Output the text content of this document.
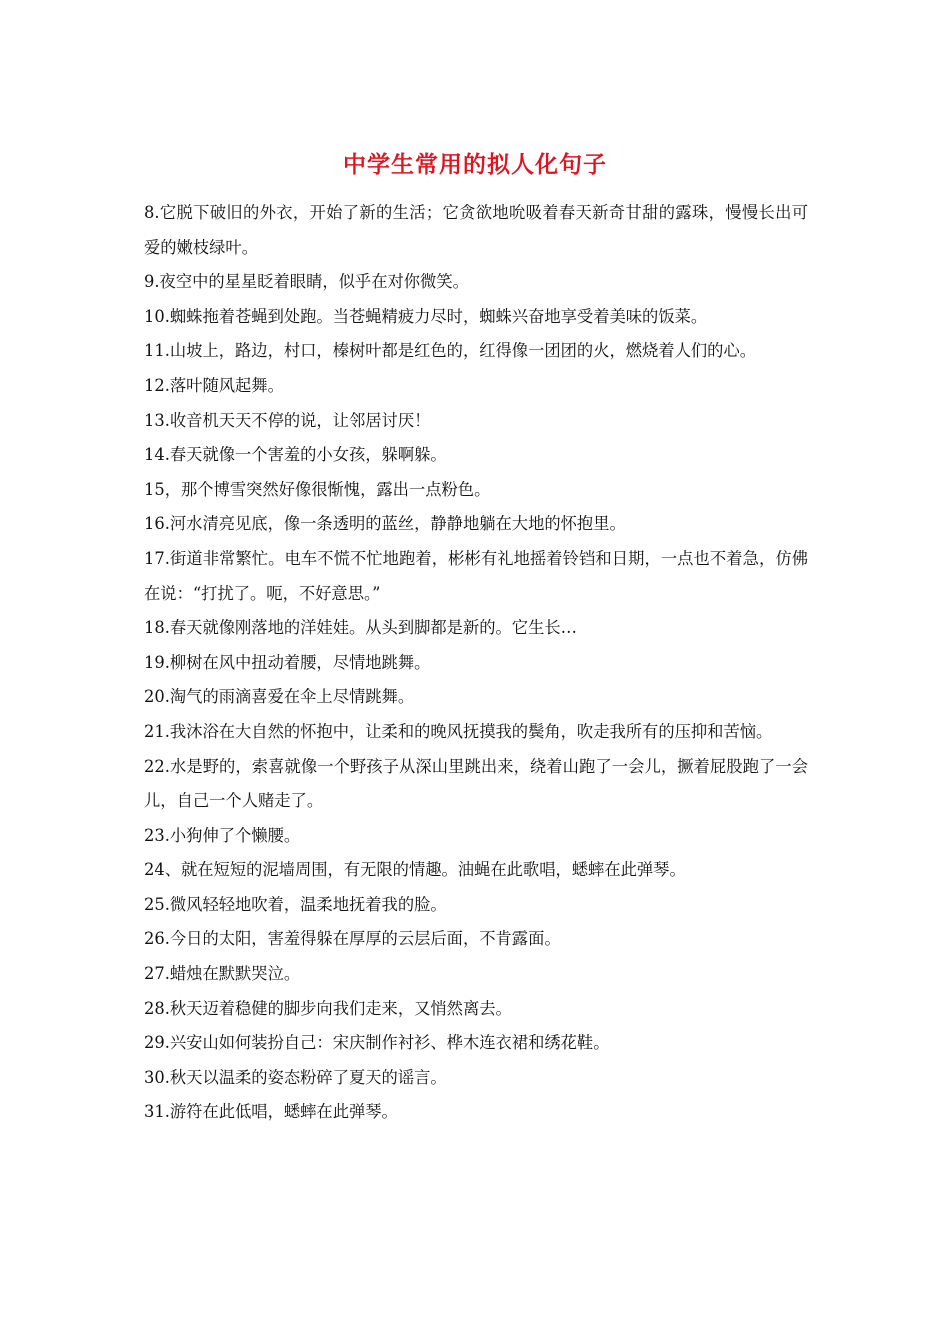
中学生常用的拟人化句子

8.它脱下破旧的外衣，开始了新的生活；它贪欲地吮吸着春天新奇甘甜的露珠，慢慢长出可爱的嫩枝绿叶。

9.夜空中的星星眨着眼睛，似乎在对你微笑。

10.蜘蛛拖着苍蝇到处跑。当苍蝇精疲力尽时，蜘蛛兴奋地享受着美味的饭菜。

11.山坡上，路边，村口，榛树叶都是红色的，红得像一团团的火，燃烧着人们的心。

12.落叶随风起舞。

13.收音机天天不停的说，让邻居讨厌！

14.春天就像一个害羞的小女孩，躲啊躲。

15，那个博雪突然好像很惭愧，露出一点粉色。

16.河水清亮见底，像一条透明的蓝丝，静静地躺在大地的怀抱里。

17.街道非常繁忙。电车不慌不忙地跑着，彬彬有礼地摇着铃铛和日期，一点也不着急，仿佛在说：“打扰了。呃，不好意思。”

18.春天就像刚落地的洋娃娃。从头到脚都是新的。它生长…

19.柳树在风中扭动着腰，尽情地跳舞。

20.淘气的雨滴喜爱在伞上尽情跳舞。

21.我沐浴在大自然的怀抱中，让柔和的晚风抚摸我的鬓角，吹走我所有的压抑和苦恼。

22.水是野的，索喜就像一个野孩子从深山里跳出来，绕着山跑了一会儿，撅着屁股跑了一会儿，自己一个人赌走了。

23.小狗伸了个懒腰。

24、就在短短的泥墙周围，有无限的情趣。油蝇在此歌唱，蟋蟀在此弹琴。

25.微风轻轻地吹着，温柔地抚着我的脸。

26.今日的太阳，害羞得躲在厚厚的云层后面，不肯露面。

27.蜡烛在默默哭泣。

28.秋天迈着稳健的脚步向我们走来，又悄然离去。

29.兴安山如何装扮自己：宋庆制作衬衫、桦木连衣裙和绣花鞋。

30.秋天以温柔的姿态粉碎了夏天的谣言。

31.游符在此低唱，蟋蟀在此弹琴。
